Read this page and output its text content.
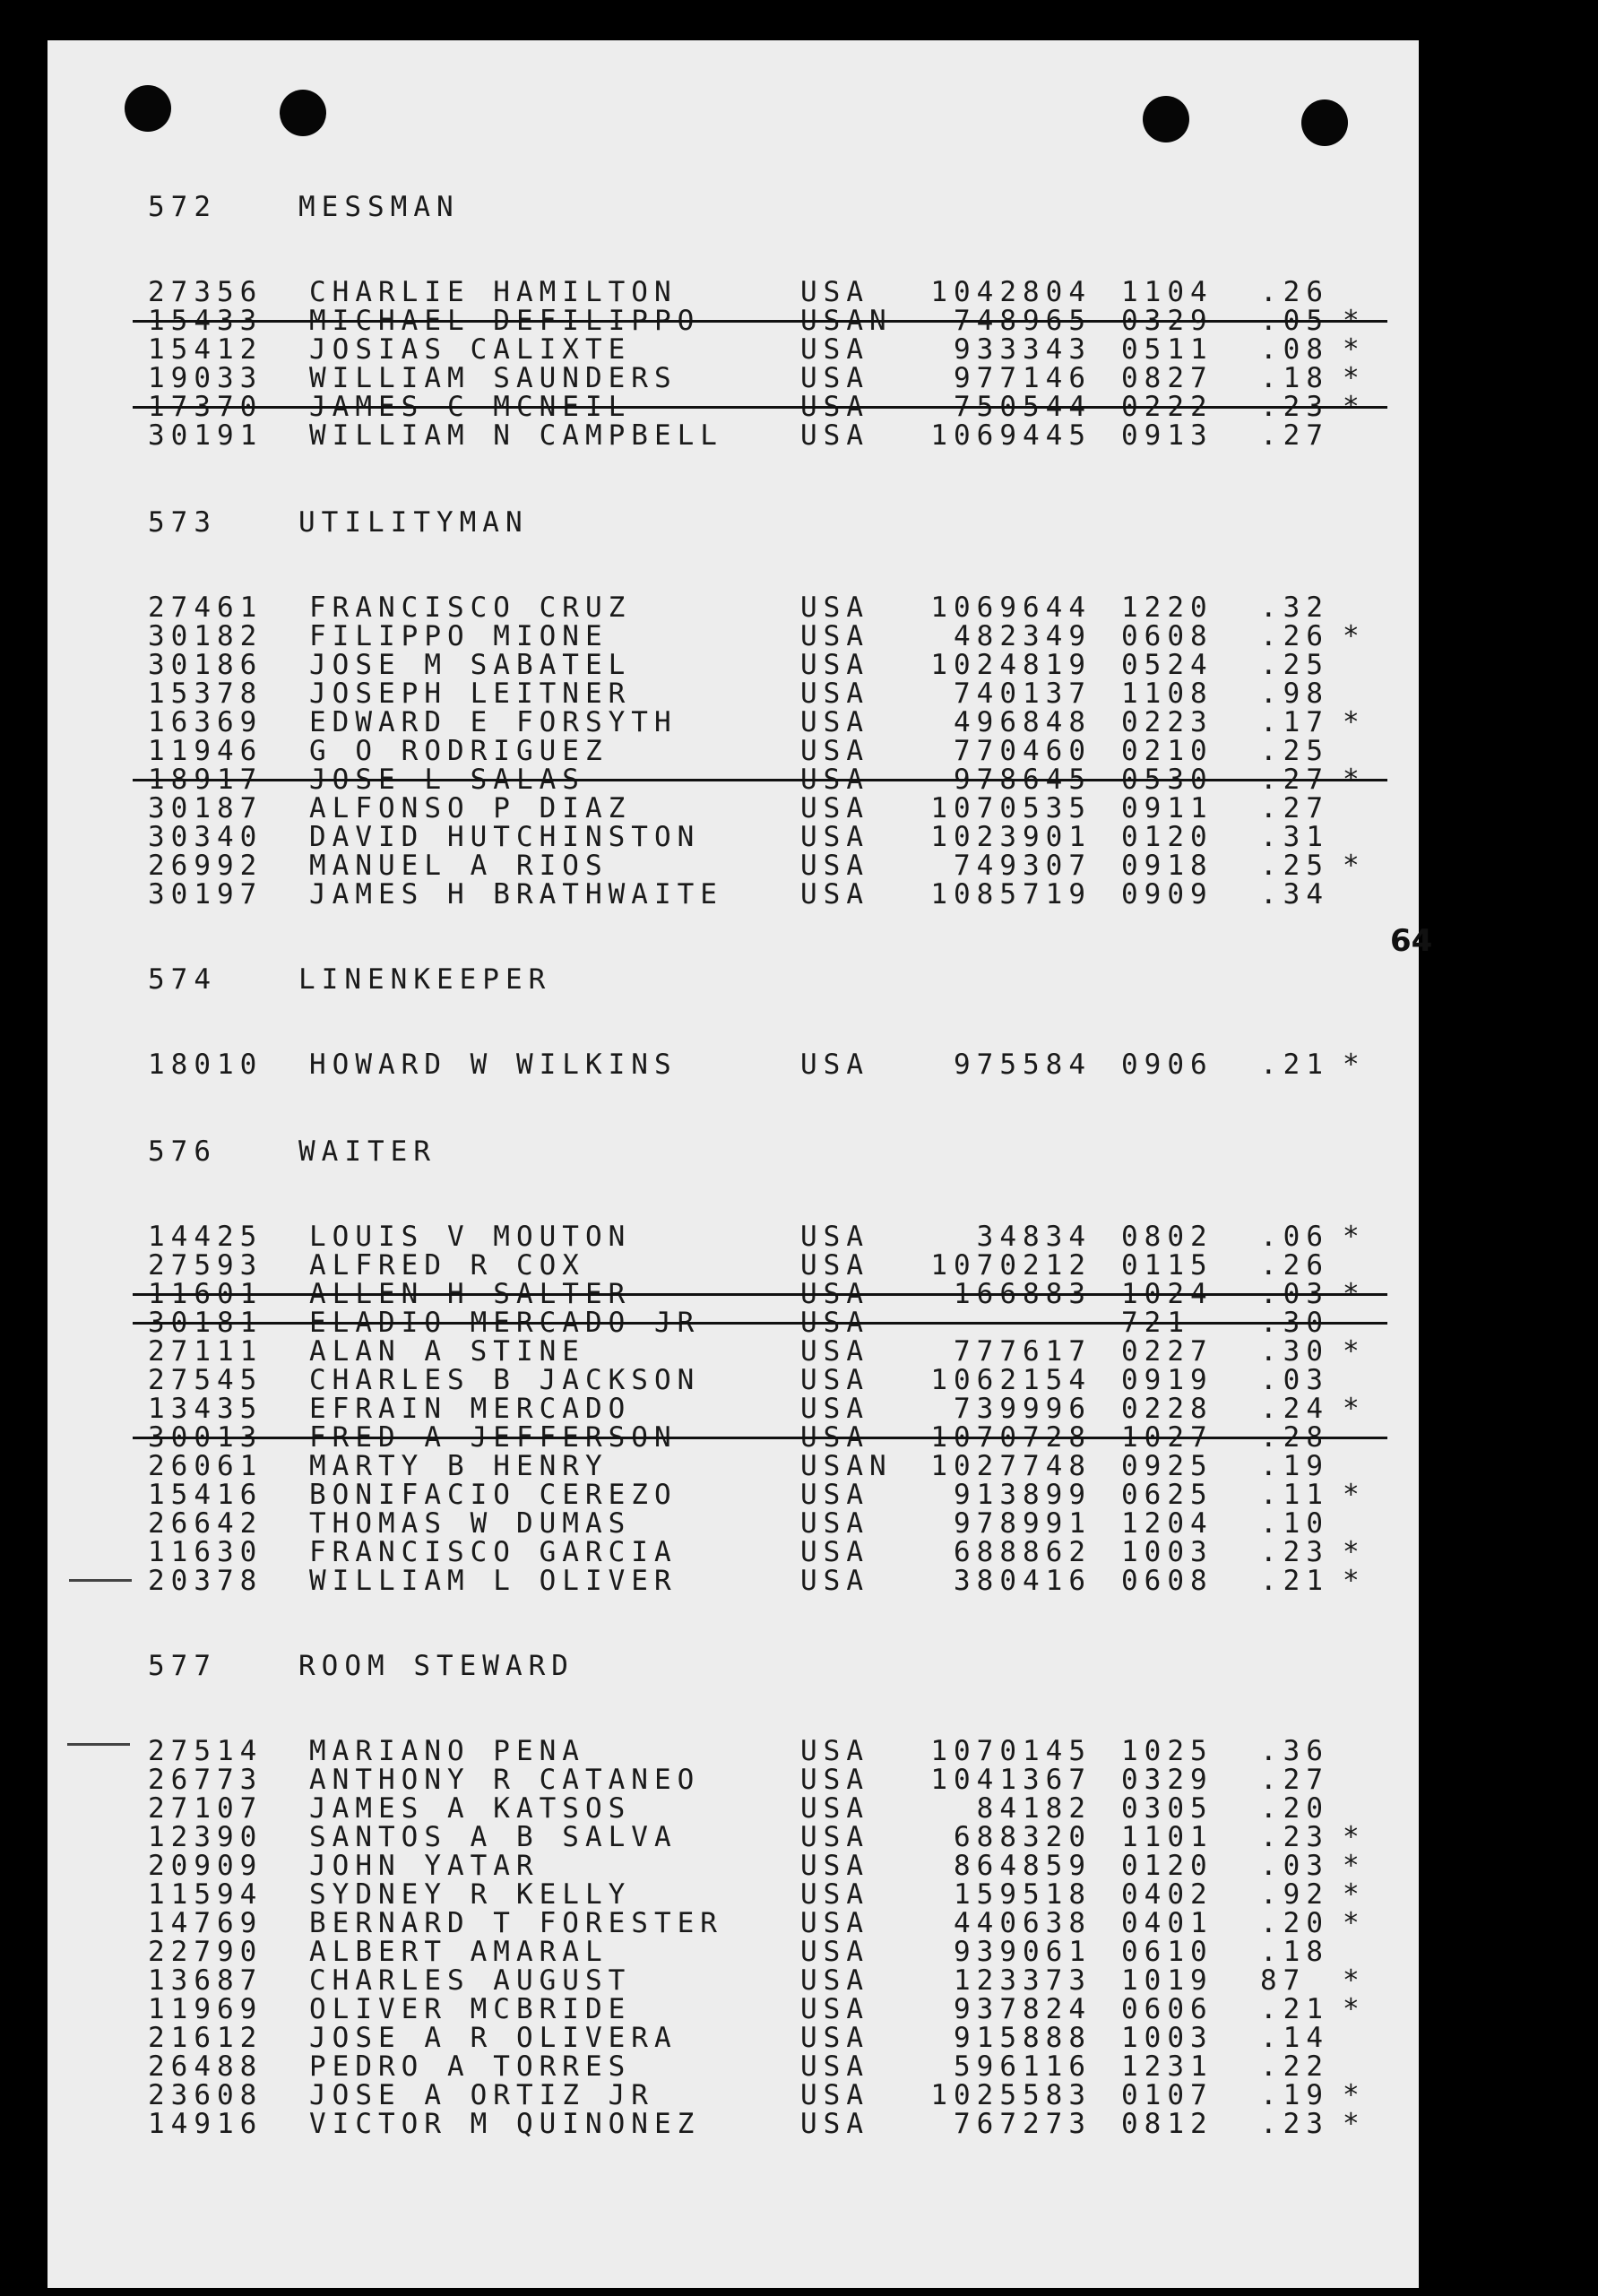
64
572	MESSMAN
27356 CHARLIE HAMILTON	USA 1042804 1104 .26
15433 MICHAEL DEFILIPPO	USAN 748965 0329 .05 *
15412 JOSIAS CALIXTE	USA	933343 0511 .08 *
19033 WILLIAM SAUNDERS	USA	977146 0827 .18 *
17370 JAMES C MCNEIL	USA	750544 0222 .23 *
30191 WILLIAM N CAMPBELL	USA 1069445 0913 .27
573	UTILITYMAN
27461 FRANCISCO CRUZ	USA 1069644 1220 .32
30182 FILIPPO MIONE	USA	482349 0608 .26 *
30186 JOSE M SABATEL	USA 1024819 0524 .25
15378 JOSEPH LEITNER	USA	740137 1108 .98
16369 EDWARD E FORSYTH	USA	496848 0223 .17 *
11946 G O RODRIGUEZ	USA	770460 0210 .25
18917 JOSE L SALAS	USA	978645 0530 .27 *
30187 ALFONSO P DIAZ	USA 1070535 0911 .27
30340 DAVID HUTCHINSTON	USA 1023901 0120 .31
26992 MANUEL A RIOS	USA	749307 0918 .25 *
30197 JAMES H BRATHWAITE	USA 1085719 0909 .34
574	LINENKEEPER
18010 HOWARD W WILKINS	USA	975584 0906 .21 *
576	WAITER
14425 LOUIS V MOUTON	USA	34834 0802 .06 *
27593 ALFRED R COX	USA 1070212 0115 .26
11601 ALLEN H SALTER	USA	166883 1024 .03 *
30181 ELADIO MERCADO JR	USA	721	.30
27111 ALAN A STINE	USA	777617 0227 .30 *
27545 CHARLES B JACKSON	USA 1062154 0919 .03
13435 EFRAIN MERCADO	USA	739996 0228 .24 *
30013 FRED A JEFFERSON	USA 1070728 1027 .28
26061 MARTY B HENRY	USAN 1027748 0925 .19
15416 BONIFACIO CEREZO	USA	913899 0625 .11 *
26642 THOMAS W DUMAS	USA	978991 1204 .10
11630 FRANCISCO GARCIA	USA	688862 1003 .23 *
20378 WILLIAM L OLIVER	USA	380416 0608 .21 *
577	ROOM STEWARD
27514 MARIANO PENA	USA 1070145 1025 .36
26773 ANTHONY R CATANEO	USA 1041367 0329 .27
27107 JAMES A KATSOS	USA	84182 0305 .20
12390 SANTOS A B SALVA	USA	688320 1101 .23 *
20909 JOHN YATAR	USA	864859 0120 .03 *
11594 SYDNEY R KELLY	USA	159518 0402 .92 *
14769 BERNARD T FORESTER	USA	440638 0401 .20 *
22790 ALBERT AMARAL	USA	939061 0610 .18
13687 CHARLES AUGUST	USA	123373 1019 87 *
11969 OLIVER MCBRIDE	USA	937824 0606 .21 *
21612 JOSE A R OLIVERA	USA	915888 1003 .14
26488 PEDRO A TORRES	USA	596116 1231 .22
23608 JOSE A ORTIZ JR	USA 1025583 0107 .19 *
14916 VICTOR M QUINONEZ	USA	767273 0812 .23 *
